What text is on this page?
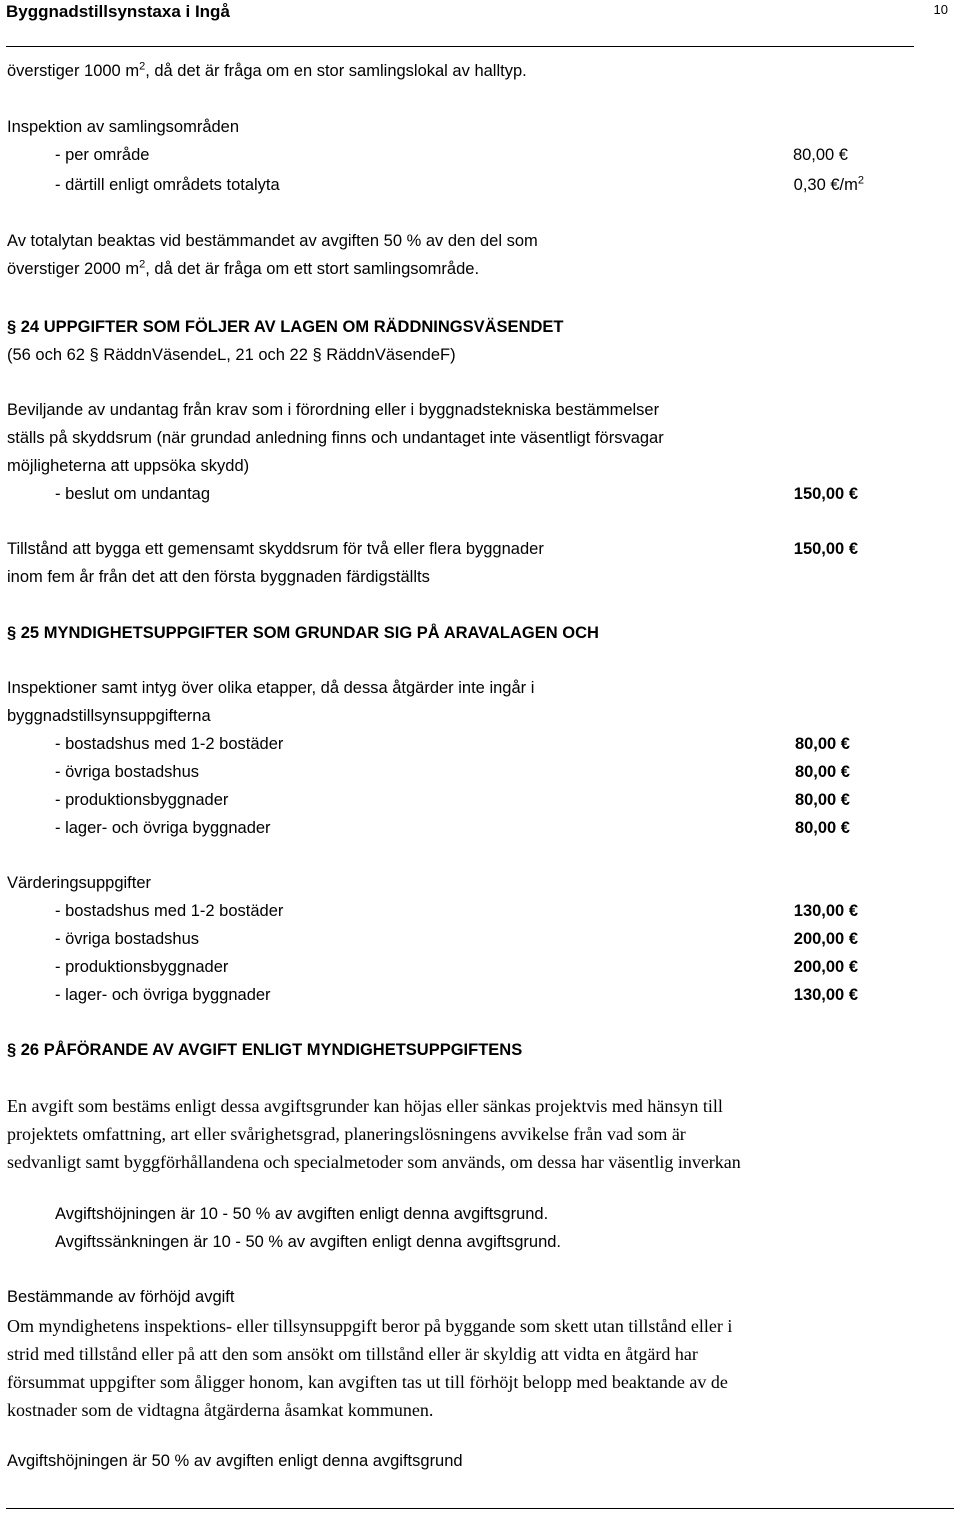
Byggnadstillsynstaxa i Ingå	10
överstiger 1000 $m^2$, då det är fråga om en stor samlingslokal av halltyp.
Inspektion av samlingsområden
- per område	80,00 €
- därtill enligt områdets totalyta	0,30 $€/m^2$
Av totalytan beaktas vid bestämmandet av avgiften 50 % av den del som
överstiger 2000 $m^2$, då det är fråga om ett stort samlingsområde.
§ 24 UPPGIFTER SOM FÖLJER AV LAGEN OM RÄDDNINGSVÄSENDET
(56 och 62 § RäddnVäsendeL, 21 och 22 § RäddnVäsendeF)
Beviljande av undantag från krav som i förordning eller i byggnadstekniska bestämmelser
ställs på skyddsrum (när grundad anledning finns och undantaget inte väsentligt försvagar
möjligheterna att uppsöka skydd)
- beslut om undantag	150,00 €
Tillstånd att bygga ett gemensamt skyddsrum för två eller flera byggnader	150,00 €
inom fem år från det att den första byggnaden färdigställts
§ 25 MYNDIGHETSUPPGIFTER SOM GRUNDAR SIG PÅ ARAVALAGEN OCH
Inspektioner samt intyg över olika etapper, då dessa åtgärder inte ingår i
byggnadstillsynsuppgifterna
- bostadshus med 1-2 bostäder	80,00 €
- övriga bostadshus	80,00 €
- produktionsbyggnader	80,00 €
- lager- och övriga byggnader	80,00 €
Värderingsuppgifter
- bostadshus med 1-2 bostäder	130,00 €
- övriga bostadshus	200,00 €
- produktionsbyggnader	200,00 €
- lager- och övriga byggnader	130,00 €
§ 26 PÅFÖRANDE AV AVGIFT ENLIGT MYNDIGHETSUPPGIFTENS
En avgift som bestäms enligt dessa avgiftsgrunder kan höjas eller sänkas projektvis med hänsyn till
projektets omfattning, art eller svårighetsgrad, planeringslösningens avvikelse från vad som är
sedvanligt samt byggförhållandena och specialmetoder som används, om dessa har väsentlig inverkan
Avgiftshöjningen är 10 - 50 % av avgiften enligt denna avgiftsgrund.
Avgiftssänkningen är 10 - 50 % av avgiften enligt denna avgiftsgrund.
Bestämmande av förhöjd avgift
Om myndighetens inspektions- eller tillsynsuppgift beror på byggande som skett utan tillstånd eller i
strid med tillstånd eller på att den som ansökt om tillstånd eller är skyldig att vidta en åtgärd har
försummat uppgifter som åligger honom, kan avgiften tas ut till förhöjt belopp med beaktande av de
kostnader som de vidtagna åtgärderna åsamkat kommunen.
Avgiftshöjningen är 50 % av avgiften enligt denna avgiftsgrund
